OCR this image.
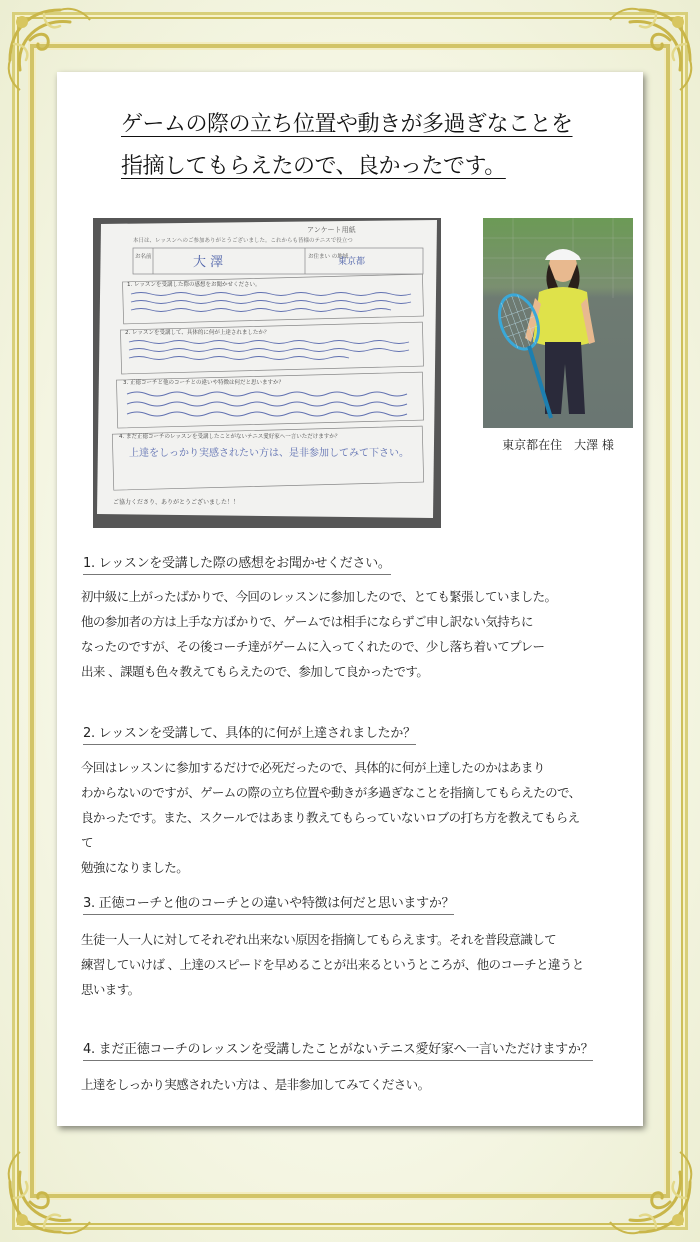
ゲームの際の立ち位置や動きが多過ぎなことを
指摘してもらえたので、良かったです。
アンケート用紙
本日は、レッスンへのご参加ありがとうございました。これからも皆様のテニスで役立つ
お名前	大 澤	お住まい の地域
東京都
1. レッスンを受講した際の感想をお聞かせください。
2. レッスンを受講して、具体的に何が上達されましたか？
3. 正徳コーチと他のコーチとの違いや特徴は何だと思いますか？
4. まだ正徳コーチのレッスンを受講したことがないテニス愛好家へ一言いただけますか？
上達をしっかり実感されたい方は、是非参加してみて下さい。
ご協力くださり、ありがとうございました！！
東京都在住　大澤 様
1. レッスンを受講した際の感想をお聞かせください。
初中級に上がったばかりで、今回のレッスンに参加したので、とても緊張していました。
他の参加者の方は上手な方ばかりで、ゲームでは相手にならずご申し訳ない気持ちに
なったのですが、その後コーチ達がゲームに入ってくれたので、少し落ち着いてプレー
出来 、課題も色々教えてもらえたので、参加して良かったです。
2. レッスンを受講して、具体的に何が上達されましたか？
今回はレッスンに参加するだけで必死だったので、具体的に何が上達したのかはあまり
わからないのですが、ゲームの際の立ち位置や動きが多過ぎなことを指摘してもらえたので、
良かったです。また、スクールではあまり教えてもらっていないロブの打ち方を教えてもらえて
勉強になりました。
3. 正徳コーチと他のコーチとの違いや特徴は何だと思いますか？
生徒一人一人に対してそれぞれ出来ない原因を指摘してもらえます。それを普段意識して
練習していけば 、上達のスピードを早めることが出来るというところが、他のコーチと違うと
思います。
4. まだ正徳コーチのレッスンを受講したことがないテニス愛好家へ一言いただけますか？
上達をしっかり実感されたい方は 、是非参加してみてください。
